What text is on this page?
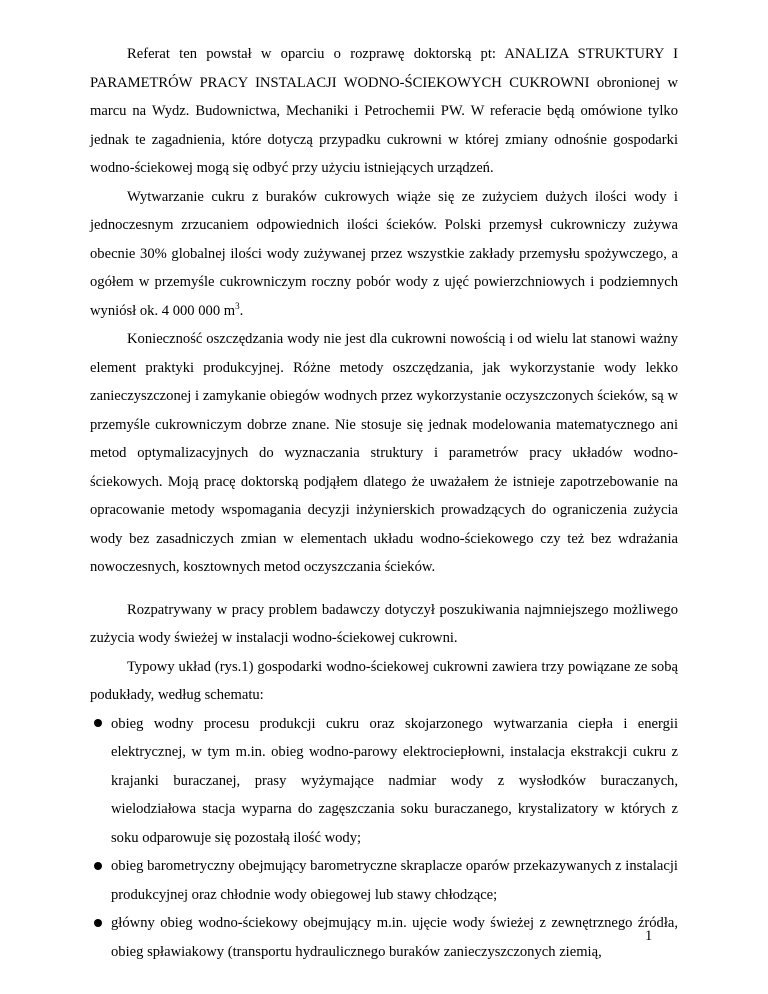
Referat ten powstał w oparciu o rozprawę doktorską pt: ANALIZA STRUKTURY I PARAMETRÓW PRACY INSTALACJI WODNO-ŚCIEKOWYCH CUKROWNI obronionej w marcu na Wydz. Budownictwa, Mechaniki i Petrochemii PW. W referacie będą omówione tylko jednak te zagadnienia, które dotyczą przypadku cukrowni w której zmiany odnośnie gospodarki wodno-ściekowej mogą się odbyć przy użyciu istniejących urządzeń.

Wytwarzanie cukru z buraków cukrowych wiąże się ze zużyciem dużych ilości wody i jednoczesnym zrzucaniem odpowiednich ilości ścieków. Polski przemysł cukrowniczy zużywa obecnie 30% globalnej ilości wody zużywanej przez wszystkie zakłady przemysłu spożywczego, a ogółem w przemyśle cukrowniczym roczny pobór wody z ujęć powierzchniowych i podziemnych wyniósł ok. 4 000 000 $m^3$.

Konieczność oszczędzania wody nie jest dla cukrowni nowością i od wielu lat stanowi ważny element praktyki produkcyjnej. Różne metody oszczędzania, jak wykorzystanie wody lekko zanieczyszczonej i zamykanie obiegów wodnych przez wykorzystanie oczyszczonych ścieków, są w przemyśle cukrowniczym dobrze znane. Nie stosuje się jednak modelowania matematycznego ani metod optymalizacyjnych do wyznaczania struktury i parametrów pracy układów wodno-ściekowych. Moją pracę doktorską podjąłem dlatego że uważałem że istnieje zapotrzebowanie na opracowanie metody wspomagania decyzji inżynierskich prowadzących do ograniczenia zużycia wody bez zasadniczych zmian w elementach układu wodno-ściekowego czy też bez wdrażania nowoczesnych, kosztownych metod oczyszczania ścieków.

Rozpatrywany w pracy problem badawczy dotyczył poszukiwania najmniejszego możliwego zużycia wody świeżej w instalacji wodno-ściekowej cukrowni.

Typowy układ (rys.1) gospodarki wodno-ściekowej cukrowni zawiera trzy powiązane ze sobą podukłady, według schematu:

obieg wodny procesu produkcji cukru oraz skojarzonego wytwarzania ciepła i energii elektrycznej, w tym m.in. obieg wodno-parowy elektrociepłowni, instalacja ekstrakcji cukru z krajanki buraczanej, prasy wyżymające nadmiar wody z wysłodków buraczanych, wielodziałowa stacja wyparna do zagęszczania soku buraczanego, krystalizatory w których z soku odparowuje się pozostałą ilość wody;
obieg barometryczny obejmujący barometryczne skraplacze oparów przekazywanych z instalacji produkcyjnej oraz chłodnie wody obiegowej lub stawy chłodzące;
główny obieg wodno-ściekowy obejmujący m.in. ujęcie wody świeżej z zewnętrznego źródła, obieg spławiakowy (transportu hydraulicznego buraków zanieczyszczonych ziemią,
1
